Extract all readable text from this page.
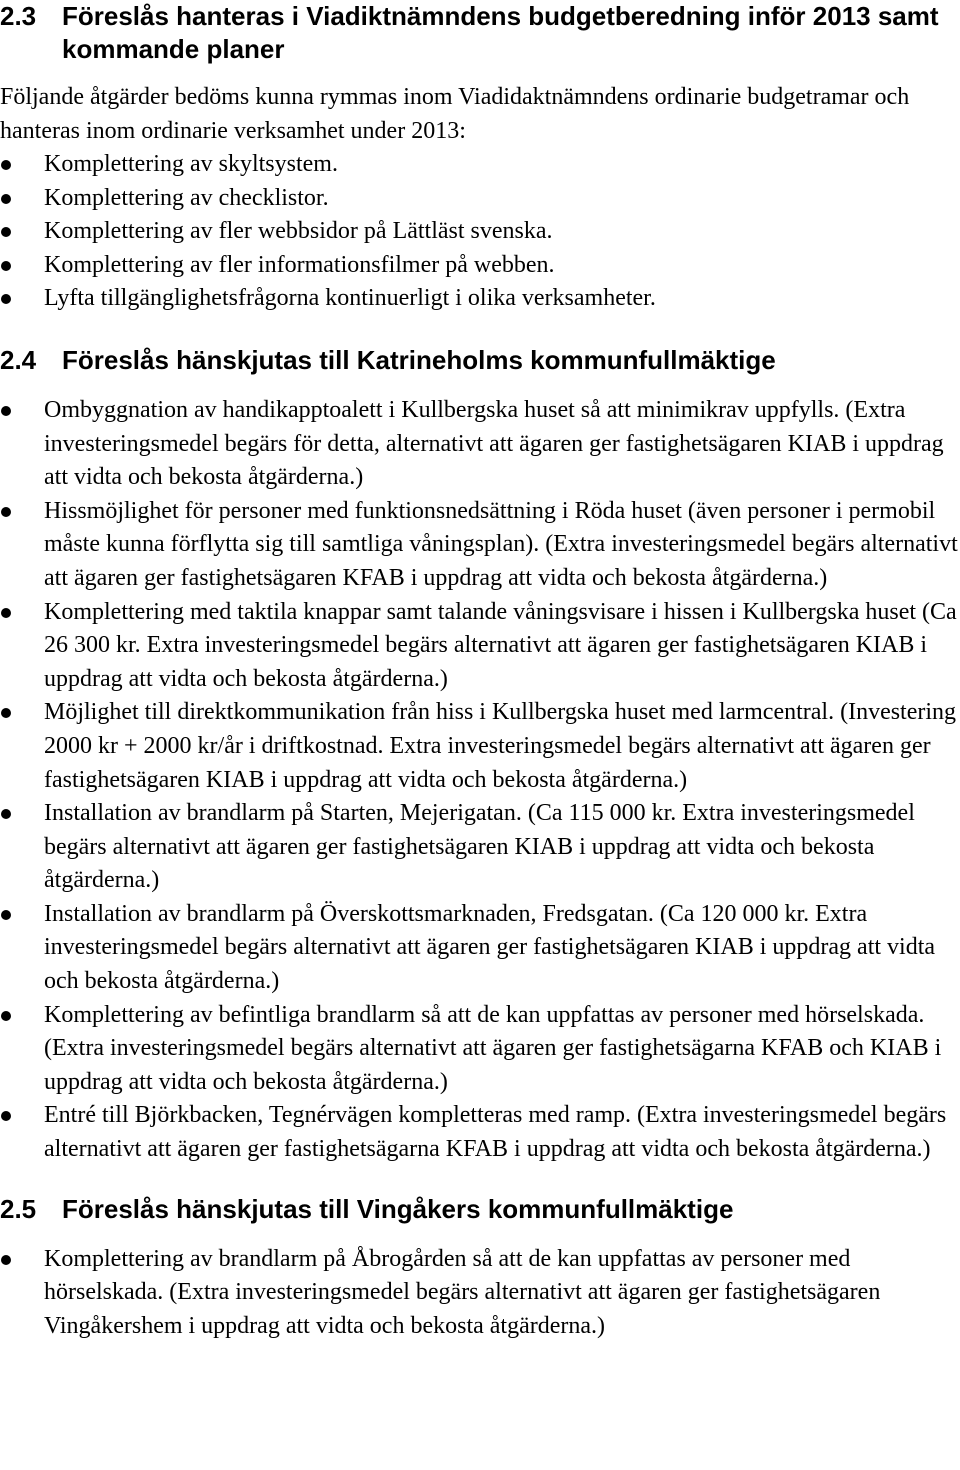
2.3 Föreslås hanteras i Viadiktnämndens budgetberedning inför 2013 samt kommande planer

Följande åtgärder bedöms kunna rymmas inom Viadidaktnämndens ordinarie budgetramar och hanteras inom ordinarie verksamhet under 2013:

Komplettering av skyltsystem.
Komplettering av checklistor.
Komplettering av fler webbsidor på Lättläst svenska.
Komplettering av fler informationsfilmer på webben.
Lyfta tillgänglighetsfrågorna kontinuerligt i olika verksamheter.
2.4 Föreslås hänskjutas till Katrineholms kommunfullmäktige
Ombyggnation av handikapptoalett i Kullbergska huset så att minimikrav uppfylls. (Extra investeringsmedel begärs för detta, alternativt att ägaren ger fastighetsägaren KIAB i uppdrag att vidta och bekosta åtgärderna.)
Hissmöjlighet för personer med funktionsnedsättning i Röda huset (även personer i permobil måste kunna förflytta sig till samtliga våningsplan). (Extra investeringsmedel begärs alternativt att ägaren ger fastighetsägaren KFAB i uppdrag att vidta och bekosta åtgärderna.)
Komplettering med taktila knappar samt talande våningsvisare i hissen i Kullbergska huset (Ca 26 300 kr. Extra investeringsmedel begärs alternativt att ägaren ger fastighetsägaren KIAB i uppdrag att vidta och bekosta åtgärderna.)
Möjlighet till direktkommunikation från hiss i Kullbergska huset med larmcentral. (Investering 2000 kr + 2000 kr/år i driftkostnad. Extra investeringsmedel begärs alternativt att ägaren ger fastighetsägaren KIAB i uppdrag att vidta och bekosta åtgärderna.)
Installation av brandlarm på Starten, Mejerigatan. (Ca 115 000 kr. Extra investeringsmedel begärs alternativt att ägaren ger fastighetsägaren KIAB i uppdrag att vidta och bekosta åtgärderna.)
Installation av brandlarm på Överskottsmarknaden, Fredsgatan. (Ca 120 000 kr. Extra investeringsmedel begärs alternativt att ägaren ger fastighetsägaren KIAB i uppdrag att vidta och bekosta åtgärderna.)
Komplettering av befintliga brandlarm så att de kan uppfattas av personer med hörselskada. (Extra investeringsmedel begärs alternativt att ägaren ger fastighetsägarna KFAB och KIAB i uppdrag att vidta och bekosta åtgärderna.)
Entré till Björkbacken, Tegnérvägen kompletteras med ramp. (Extra investeringsmedel begärs alternativt att ägaren ger fastighetsägarna KFAB i uppdrag att vidta och bekosta åtgärderna.)
2.5 Föreslås hänskjutas till Vingåkers kommunfullmäktige
Komplettering av brandlarm på Åbrogården så att de kan uppfattas av personer med hörselskada. (Extra investeringsmedel begärs alternativt att ägaren ger fastighetsägaren Vingåkershem i uppdrag att vidta och bekosta åtgärderna.)
